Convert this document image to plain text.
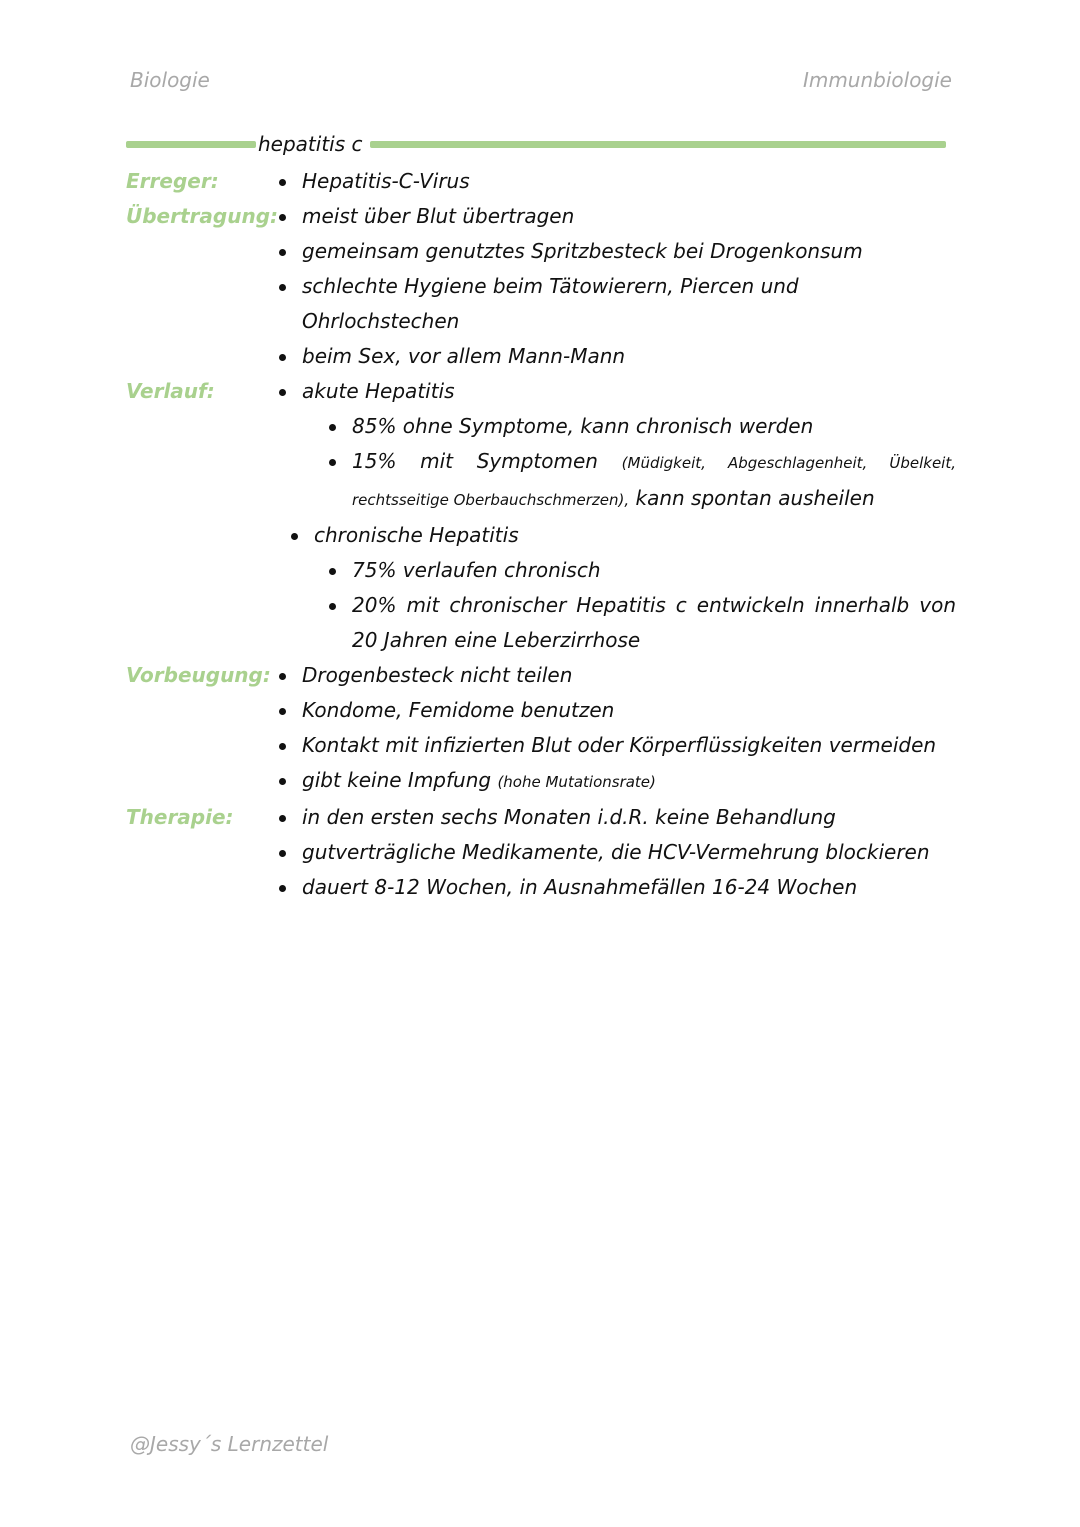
Biologie	Immunbiologie
hepatitis c
Erreger:	Hepatitis-C-Virus
Übertragung:	meist über Blut übertragen
gemeinsam genutztes Spritzbesteck bei Drogenkonsum
schlechte Hygiene beim Tätowierern, Piercen und Ohrlochstechen
beim Sex, vor allem Mann-Mann
Verlauf:	akute Hepatitis
85% ohne Symptome, kann chronisch werden
15% mit Symptomen (Müdigkeit, Abgeschlagenheit, Übelkeit, rechtsseitige Oberbauchschmerzen), kann spontan ausheilen
chronische Hepatitis
75% verlaufen chronisch
20% mit chronischer Hepatitis c entwickeln innerhalb von 20 Jahren eine Leberzirrhose
Vorbeugung:	Drogenbesteck nicht teilen
Kondome, Femidome benutzen
Kontakt mit infizierten Blut oder Körperflüssigkeiten vermeiden
gibt keine Impfung (hohe Mutationsrate)
Therapie:	in den ersten sechs Monaten i.d.R. keine Behandlung
gutverträgliche Medikamente, die HCV-Vermehrung blockieren
dauert 8-12 Wochen, in Ausnahmefällen 16-24 Wochen
@Jessy´s Lernzettel
